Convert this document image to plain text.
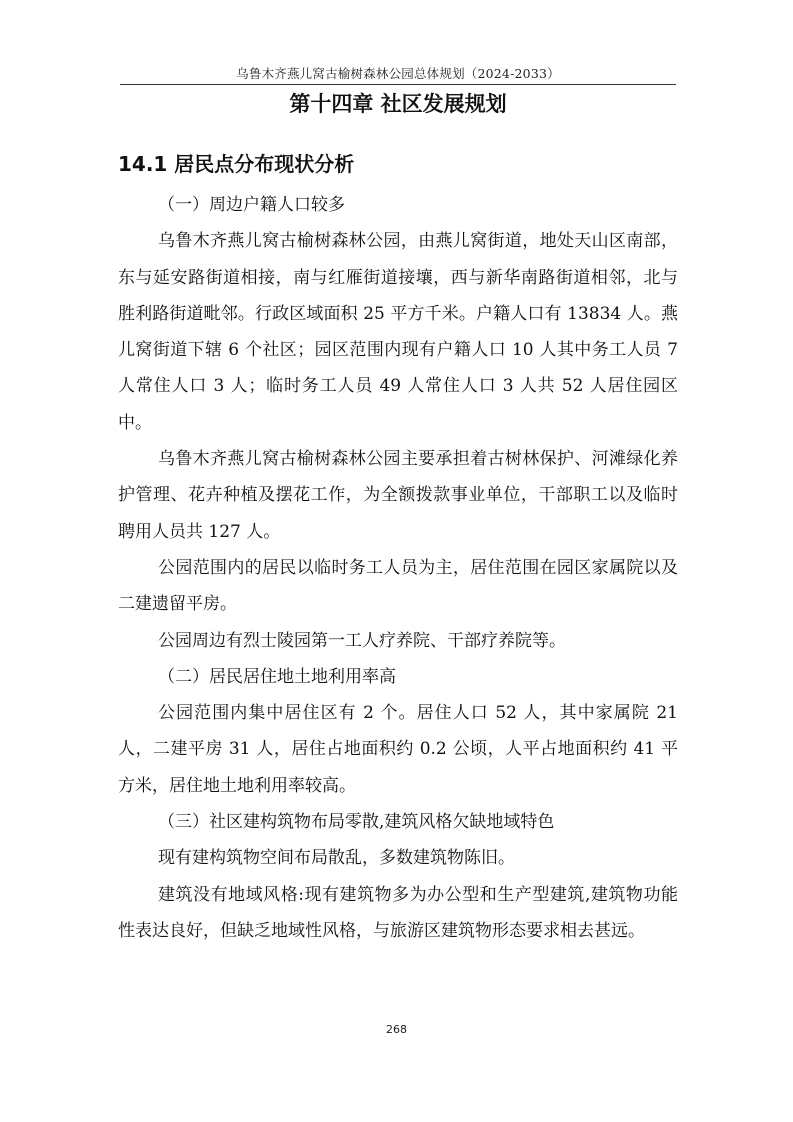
乌鲁木齐燕儿窝古榆树森林公园总体规划（2024-2033）
第十四章 社区发展规划
14.1 居民点分布现状分析

（一）周边户籍人口较多

乌鲁木齐燕儿窝古榆树森林公园，由燕儿窝街道，地处天山区南部，东与延安路街道相接，南与红雁街道接壤，西与新华南路街道相邻，北与胜利路街道毗邻。行政区域面积 25 平方千米。户籍人口有 13834 人。燕儿窝街道下辖 6 个社区；园区范围内现有户籍人口 10 人其中务工人员 7 人常住人口 3 人；临时务工人员 49 人常住人口 3 人共 52 人居住园区中。

乌鲁木齐燕儿窝古榆树森林公园主要承担着古树林保护、河滩绿化养护管理、花卉种植及摆花工作，为全额拨款事业单位，干部职工以及临时聘用人员共 127 人。

公园范围内的居民以临时务工人员为主，居住范围在园区家属院以及二建遗留平房。

公园周边有烈士陵园第一工人疗养院、干部疗养院等。

（二）居民居住地土地利用率高

公园范围内集中居住区有 2 个。居住人口 52 人，其中家属院 21 人，二建平房 31 人，居住占地面积约 0.2 公顷，人平占地面积约 41 平方米，居住地土地利用率较高。

（三）社区建构筑物布局零散,建筑风格欠缺地域特色

现有建构筑物空间布局散乱，多数建筑物陈旧。

建筑没有地域风格:现有建筑物多为办公型和生产型建筑,建筑物功能性表达良好，但缺乏地域性风格，与旅游区建筑物形态要求相去甚远。

268
